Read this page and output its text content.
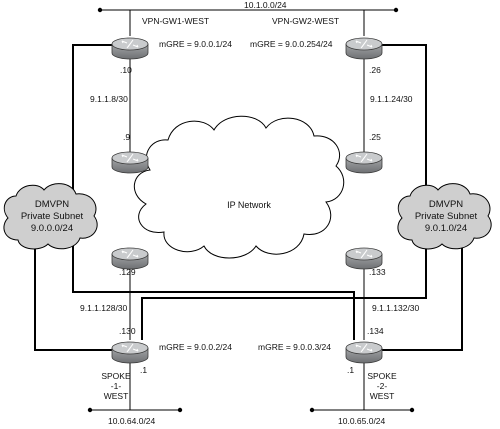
IP Network
DMVPN
Private Subnet
9.0.0.0/24
DMVPN
Private Subnet
9.0.1.0/24
10.1.0.0/24
VPN-GW1-WEST	VPN-GW2-WEST
mGRE = 9.0.0.1/24 mGRE = 9.0.0.254/24
.10	.26
9.1.1.8/30	9.1.1.24/30
.9	.25
.129	.133
9.1.1.128/30	9.1.1.132/30
.130	.134
mGRE = 9.0.0.2/24	mGRE = 9.0.0.3/24
SPOKE
-1-
WEST
.1
SPOKE
-2-
WEST
.1
10.0.64.0/24	10.0.65.0/24
